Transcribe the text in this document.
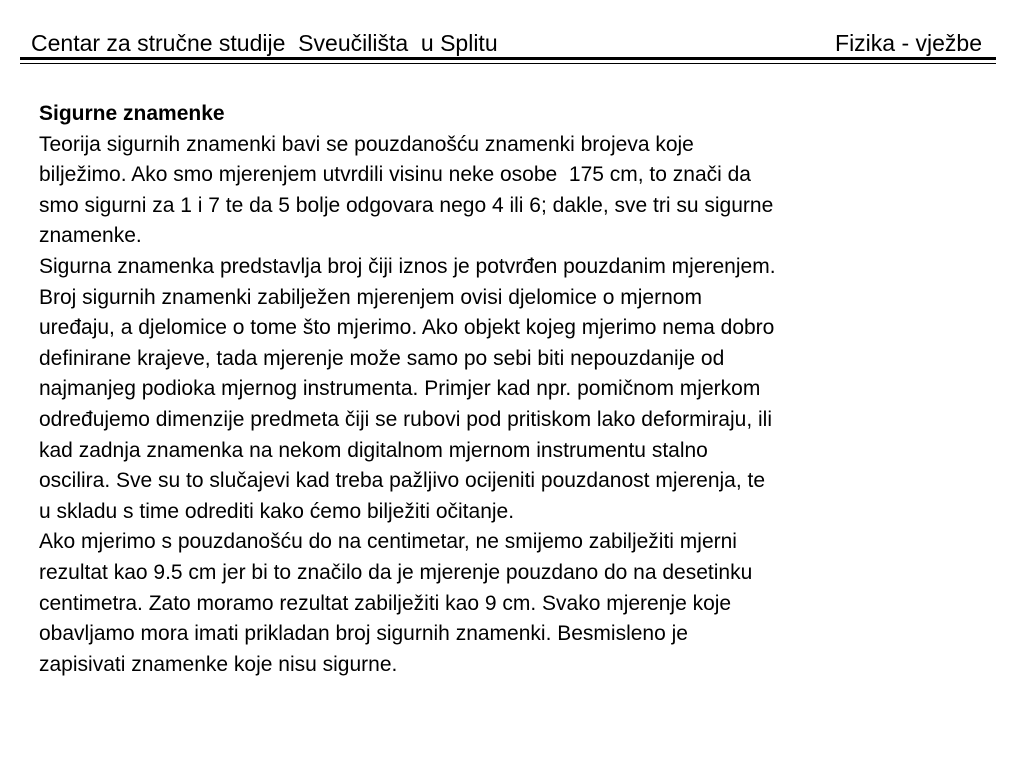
Centar za stručne studije  Sveučilišta  u Splitu	Fizika - vježbe
Sigurne znamenke
Teorija sigurnih znamenki bavi se pouzdanošću znamenki brojeva koje
bilježimo. Ako smo mjerenjem utvrdili visinu neke osobe  175 cm, to znači da
smo sigurni za 1 i 7 te da 5 bolje odgovara nego 4 ili 6; dakle, sve tri su sigurne
znamenke.
Sigurna znamenka predstavlja broj čiji iznos je potvrđen pouzdanim mjerenjem.
Broj sigurnih znamenki zabilježen mjerenjem ovisi djelomice o mjernom
uređaju, a djelomice o tome što mjerimo. Ako objekt kojeg mjerimo nema dobro
definirane krajeve, tada mjerenje može samo po sebi biti nepouzdanije od
najmanjeg podioka mjernog instrumenta. Primjer kad npr. pomičnom mjerkom
određujemo dimenzije predmeta čiji se rubovi pod pritiskom lako deformiraju, ili
kad zadnja znamenka na nekom digitalnom mjernom instrumentu stalno
oscilira. Sve su to slučajevi kad treba pažljivo ocijeniti pouzdanost mjerenja, te
u skladu s time odrediti kako ćemo bilježiti očitanje.
Ako mjerimo s pouzdanošću do na centimetar, ne smijemo zabilježiti mjerni
rezultat kao 9.5 cm jer bi to značilo da je mjerenje pouzdano do na desetinku
centimetra. Zato moramo rezultat zabilježiti kao 9 cm. Svako mjerenje koje
obavljamo mora imati prikladan broj sigurnih znamenki. Besmisleno je
zapisivati znamenke koje nisu sigurne.
